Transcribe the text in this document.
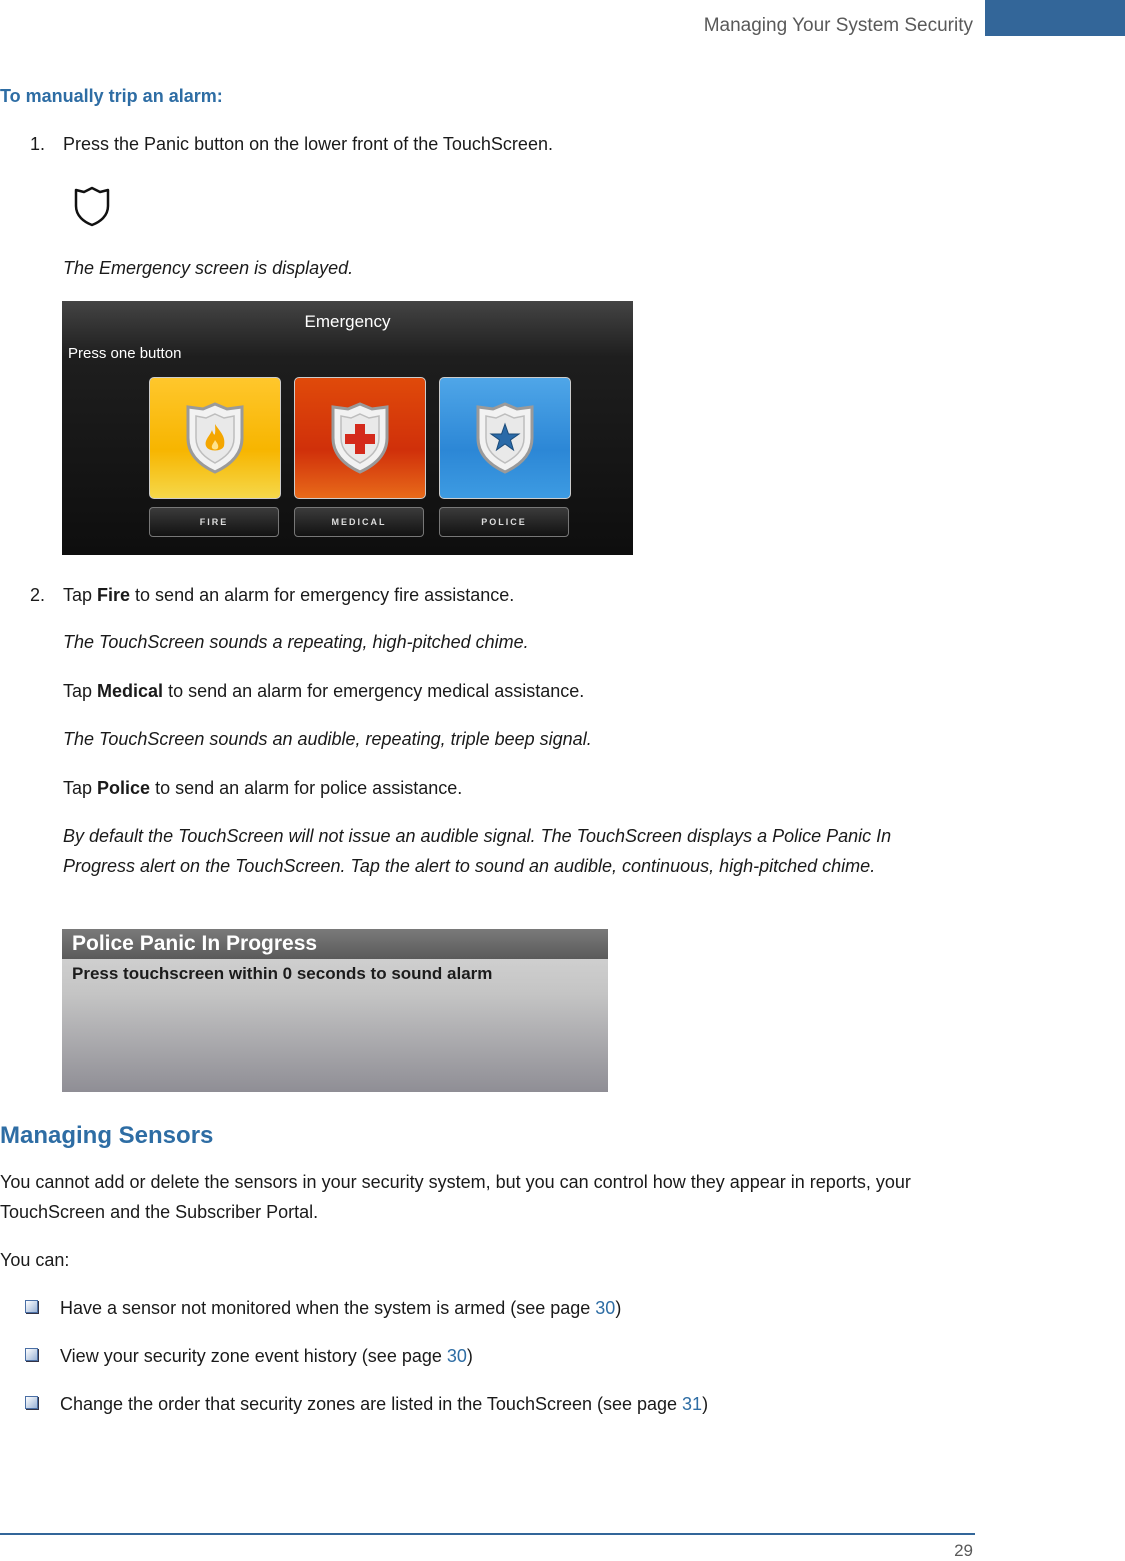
Managing Your System Security
To manually trip an alarm:
1. Press the Panic button on the lower front of the TouchScreen.
The Emergency screen is displayed.
Emergency
Press one button
FIRE	MEDICAL	POLICE
2. Tap Fire to send an alarm for emergency fire assistance.
The TouchScreen sounds a repeating, high-pitched chime.
Tap Medical to send an alarm for emergency medical assistance.
The TouchScreen sounds an audible, repeating, triple beep signal.
Tap Police to send an alarm for police assistance.
By default the TouchScreen will not issue an audible signal. The TouchScreen displays a Police Panic In Progress alert on the TouchScreen. Tap the alert to sound an audible, continuous, high-pitched chime.
Police Panic In Progress
Press touchscreen within 0 seconds to sound alarm
Managing Sensors
You cannot add or delete the sensors in your security system, but you can control how they appear in reports, your TouchScreen and the Subscriber Portal.
You can:
Have a sensor not monitored when the system is armed (see page 30)
View your security zone event history (see page 30)
Change the order that security zones are listed in the TouchScreen (see page 31)
29
